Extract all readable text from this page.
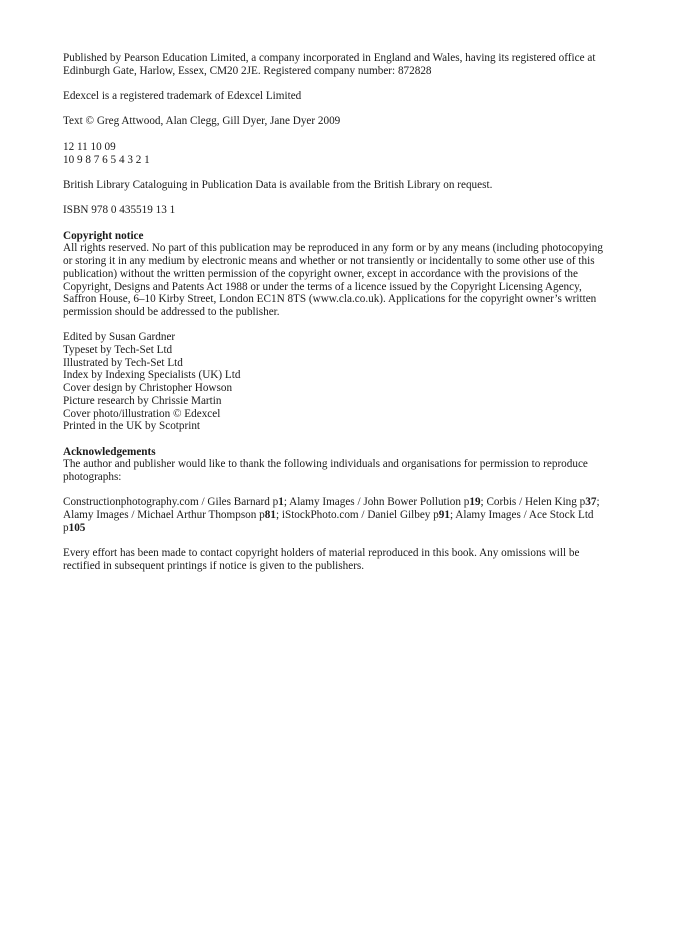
Published by Pearson Education Limited, a company incorporated in England and Wales, having its registered office at Edinburgh Gate, Harlow, Essex, CM20 2JE. Registered company number: 872828

Edexcel is a registered trademark of Edexcel Limited

Text © Greg Attwood, Alan Clegg, Gill Dyer, Jane Dyer 2009

12 11 10 09
10 9 8 7 6 5 4 3 2 1

British Library Cataloguing in Publication Data is available from the British Library on request.

ISBN 978 0 435519 13 1

Copyright notice
All rights reserved. No part of this publication may be reproduced in any form or by any means (including photocopying or storing it in any medium by electronic means and whether or not transiently or incidentally to some other use of this publication) without the written permission of the copyright owner, except in accordance with the provisions of the Copyright, Designs and Patents Act 1988 or under the terms of a licence issued by the Copyright Licensing Agency, Saffron House, 6–10 Kirby Street, London EC1N 8TS (www.cla.co.uk). Applications for the copyright owner’s written permission should be addressed to the publisher.
Edited by Susan Gardner
Typeset by Tech-Set Ltd
Illustrated by Tech-Set Ltd
Index by Indexing Specialists (UK) Ltd
Cover design by Christopher Howson
Picture research by Chrissie Martin
Cover photo/illustration © Edexcel
Printed in the UK by Scotprint
Acknowledgements
The author and publisher would like to thank the following individuals and organisations for permission to reproduce photographs:

Constructionphotography.com / Giles Barnard p1; Alamy Images / John Bower Pollution p19; Corbis / Helen King p37; Alamy Images / Michael Arthur Thompson p81; iStockPhoto.com / Daniel Gilbey p91; Alamy Images / Ace Stock Ltd p105

Every effort has been made to contact copyright holders of material reproduced in this book. Any omissions will be rectified in subsequent printings if notice is given to the publishers.
